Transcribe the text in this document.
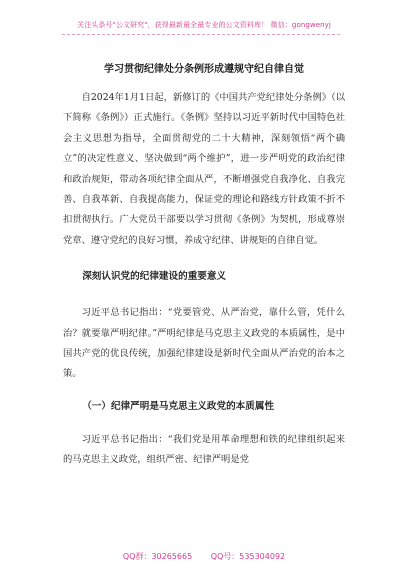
关注头条号"公文研究"，获得最新最全最专业的公文资料库！ 微信：gongwenyj
学习贯彻纪律处分条例形成遵规守纪自律自觉

自2024年1月1日起，新修订的《中国共产党纪律处分条例》（以下简称《条例》）正式施行。《条例》坚持以习近平新时代中国特色社会主义思想为指导，全面贯彻党的二十大精神，深刻领悟“两个确立”的决定性意义、坚决做到“两个维护”，进一步严明党的政治纪律和政治规矩，带动各项纪律全面从严，不断增强党自我净化、自我完善、自我革新、自我提高能力，保证党的理论和路线方针政策不折不扣贯彻执行。广大党员干部要以学习贯彻《条例》为契机，形成尊崇党章、遵守党纪的良好习惯，养成守纪律、讲规矩的自律自觉。

深刻认识党的纪律建设的重要意义

习近平总书记指出：“党要管党、从严治党，靠什么管，凭什么治？就要靠严明纪律。”严明纪律是马克思主义政党的本质属性，是中国共产党的优良传统，加强纪律建设是新时代全面从严治党的治本之策。

（一）纪律严明是马克思主义政党的本质属性

习近平总书记指出：“我们党是用革命理想和铁的纪律组织起来的马克思主义政党，组织严密、纪律严明是党

QQ群：30265665 QQ号：535304092
